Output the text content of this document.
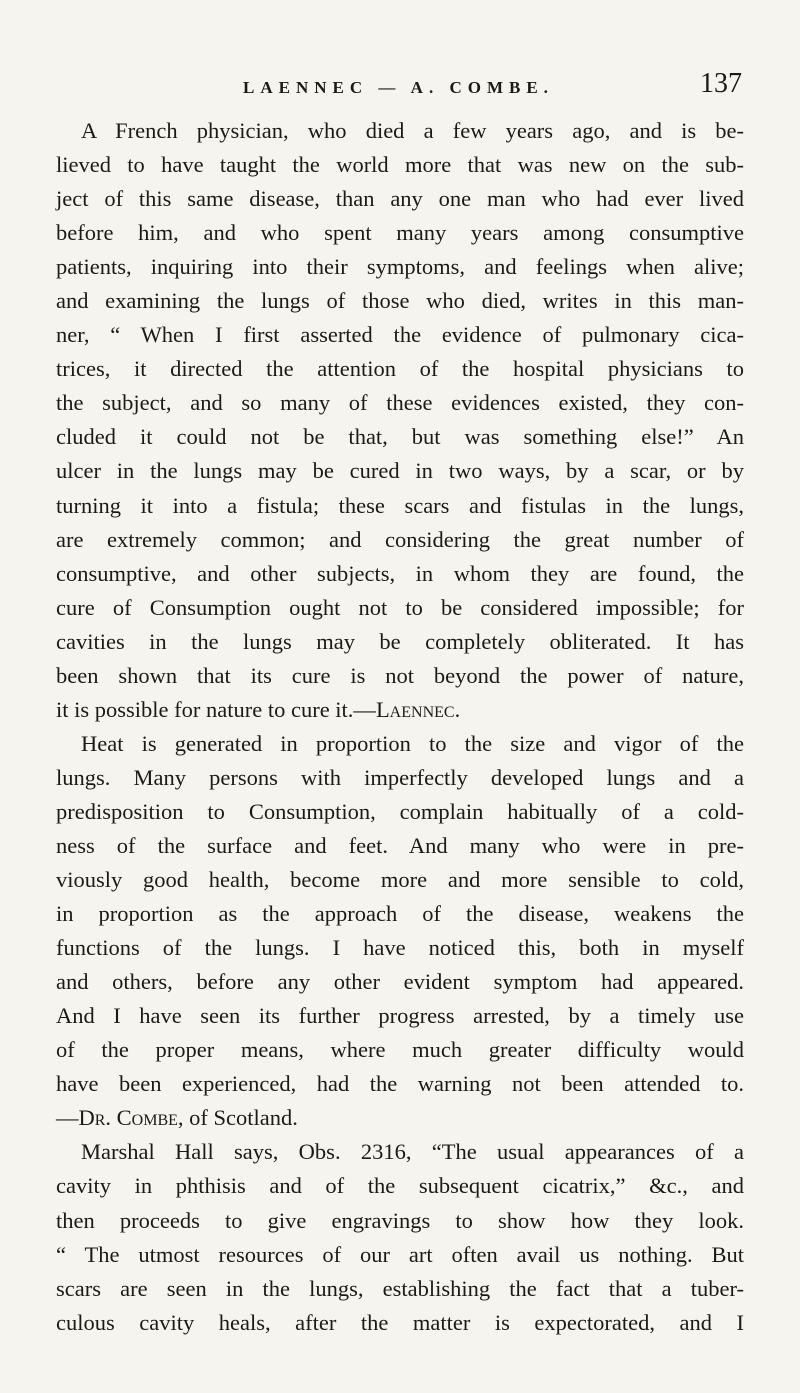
LAENNEC — A. COMBE.	137
A French physician, who died a few years ago, and is be-
lieved to have taught the world more that was new on the sub-
ject of this same disease, than any one man who had ever lived
before him, and who spent many years among consumptive
patients, inquiring into their symptoms, and feelings when alive;
and examining the lungs of those who died, writes in this man-
ner, “ When I first asserted the evidence of pulmonary cica-
trices, it directed the attention of the hospital physicians to
the subject, and so many of these evidences existed, they con-
cluded it could not be that, but was something else!” An
ulcer in the lungs may be cured in two ways, by a scar, or by
turning it into a fistula; these scars and fistulas in the lungs,
are extremely common; and considering the great number of
consumptive, and other subjects, in whom they are found, the
cure of Consumption ought not to be considered impossible; for
cavities in the lungs may be completely obliterated. It has
been shown that its cure is not beyond the power of nature,
it is possible for nature to cure it.—Laennec.
Heat is generated in proportion to the size and vigor of the
lungs. Many persons with imperfectly developed lungs and a
predisposition to Consumption, complain habitually of a cold-
ness of the surface and feet. And many who were in pre-
viously good health, become more and more sensible to cold,
in proportion as the approach of the disease, weakens the
functions of the lungs. I have noticed this, both in myself
and others, before any other evident symptom had appeared.
And I have seen its further progress arrested, by a timely use
of the proper means, where much greater difficulty would
have been experienced, had the warning not been attended to.
—Dr. Combe, of Scotland.
Marshal Hall says, Obs. 2316, “The usual appearances of a
cavity in phthisis and of the subsequent cicatrix,” &c., and
then proceeds to give engravings to show how they look.
“ The utmost resources of our art often avail us nothing. But
scars are seen in the lungs, establishing the fact that a tuber-
culous cavity heals, after the matter is expectorated, and I
